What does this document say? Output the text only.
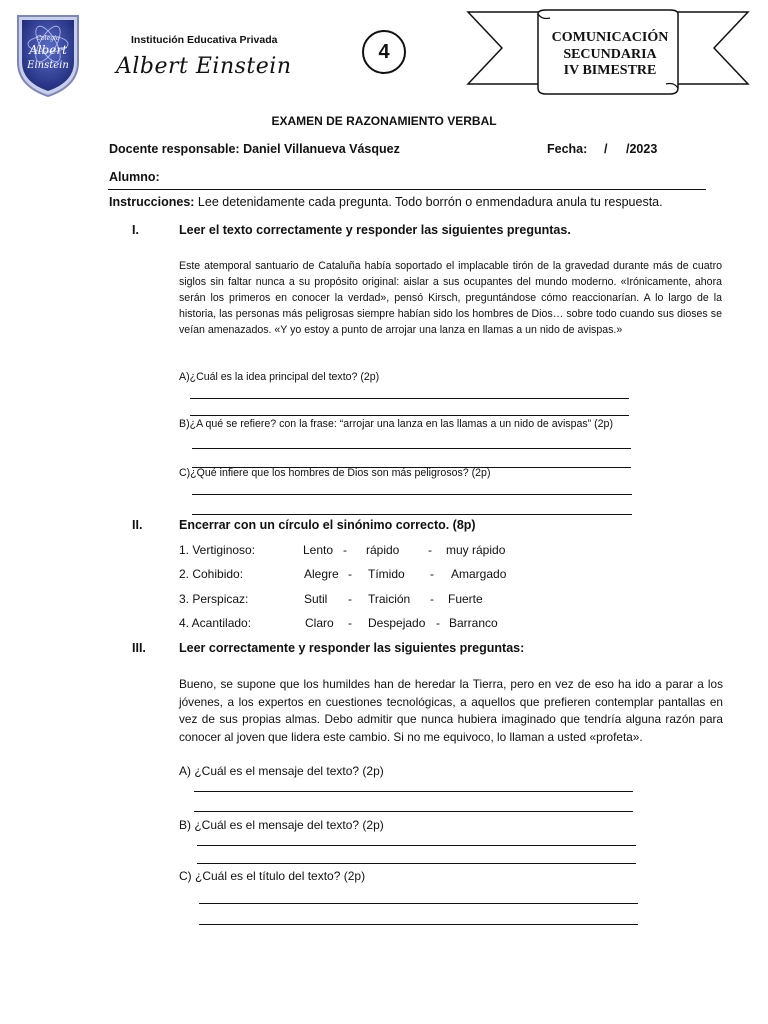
Colegio
Albert
Einstein
Institución Educativa Privada
Albert Einstein
4
COMUNICACIÓN
SECUNDARIA
IV BIMESTRE
EXAMEN DE RAZONAMIENTO VERBAL
Docente responsable: Daniel Villanueva Vásquez	Fecha: / /2023
Alumno:
Instrucciones: Lee detenidamente cada pregunta. Todo borrón o enmendadura anula tu respuesta.
I.	Leer el texto correctamente y responder las siguientes preguntas.
Este atemporal santuario de Cataluña había soportado el implacable tirón de la gravedad durante más de cuatro siglos sin faltar nunca a su propósito original: aislar a sus ocupantes del mundo moderno. «Irónicamente, ahora serán los primeros en conocer la verdad», pensó Kirsch, preguntándose cómo reaccionarían. A lo largo de la historia, las personas más peligrosas siempre habían sido los hombres de Dios… sobre todo cuando sus dioses se veían amenazados. «Y yo estoy a punto de arrojar una lanza en llamas a un nido de avispas.»
A)¿Cuál es la idea principal del texto? (2p)
B)¿A qué se refiere? con la frase: “arrojar una lanza en las llamas a un nido de avispas” (2p)
C)¿Qué infiere que los hombres de Dios son más peligrosos? (2p)
II.	Encerrar con un círculo el sinónimo correcto. (8p)
1. Vertiginoso:	Lento - rápido - muy rápido
2. Cohibido:	Alegre - Tímido - Amargado
3. Perspicaz:	Sutil - Traición - Fuerte
4. Acantilado:	Claro - Despejado - Barranco
III.	Leer correctamente y responder las siguientes preguntas:
Bueno, se supone que los humildes han de heredar la Tierra, pero en vez de eso ha ido a parar a los jóvenes, a los expertos en cuestiones tecnológicas, a aquellos que prefieren contemplar pantallas en vez de sus propias almas. Debo admitir que nunca hubiera imaginado que tendría alguna razón para conocer al joven que lidera este cambio. Si no me equivoco, lo llaman a usted «profeta».
A) ¿Cuál es el mensaje del texto? (2p)
B) ¿Cuál es el mensaje del texto? (2p)
C) ¿Cuál es el título del texto? (2p)
